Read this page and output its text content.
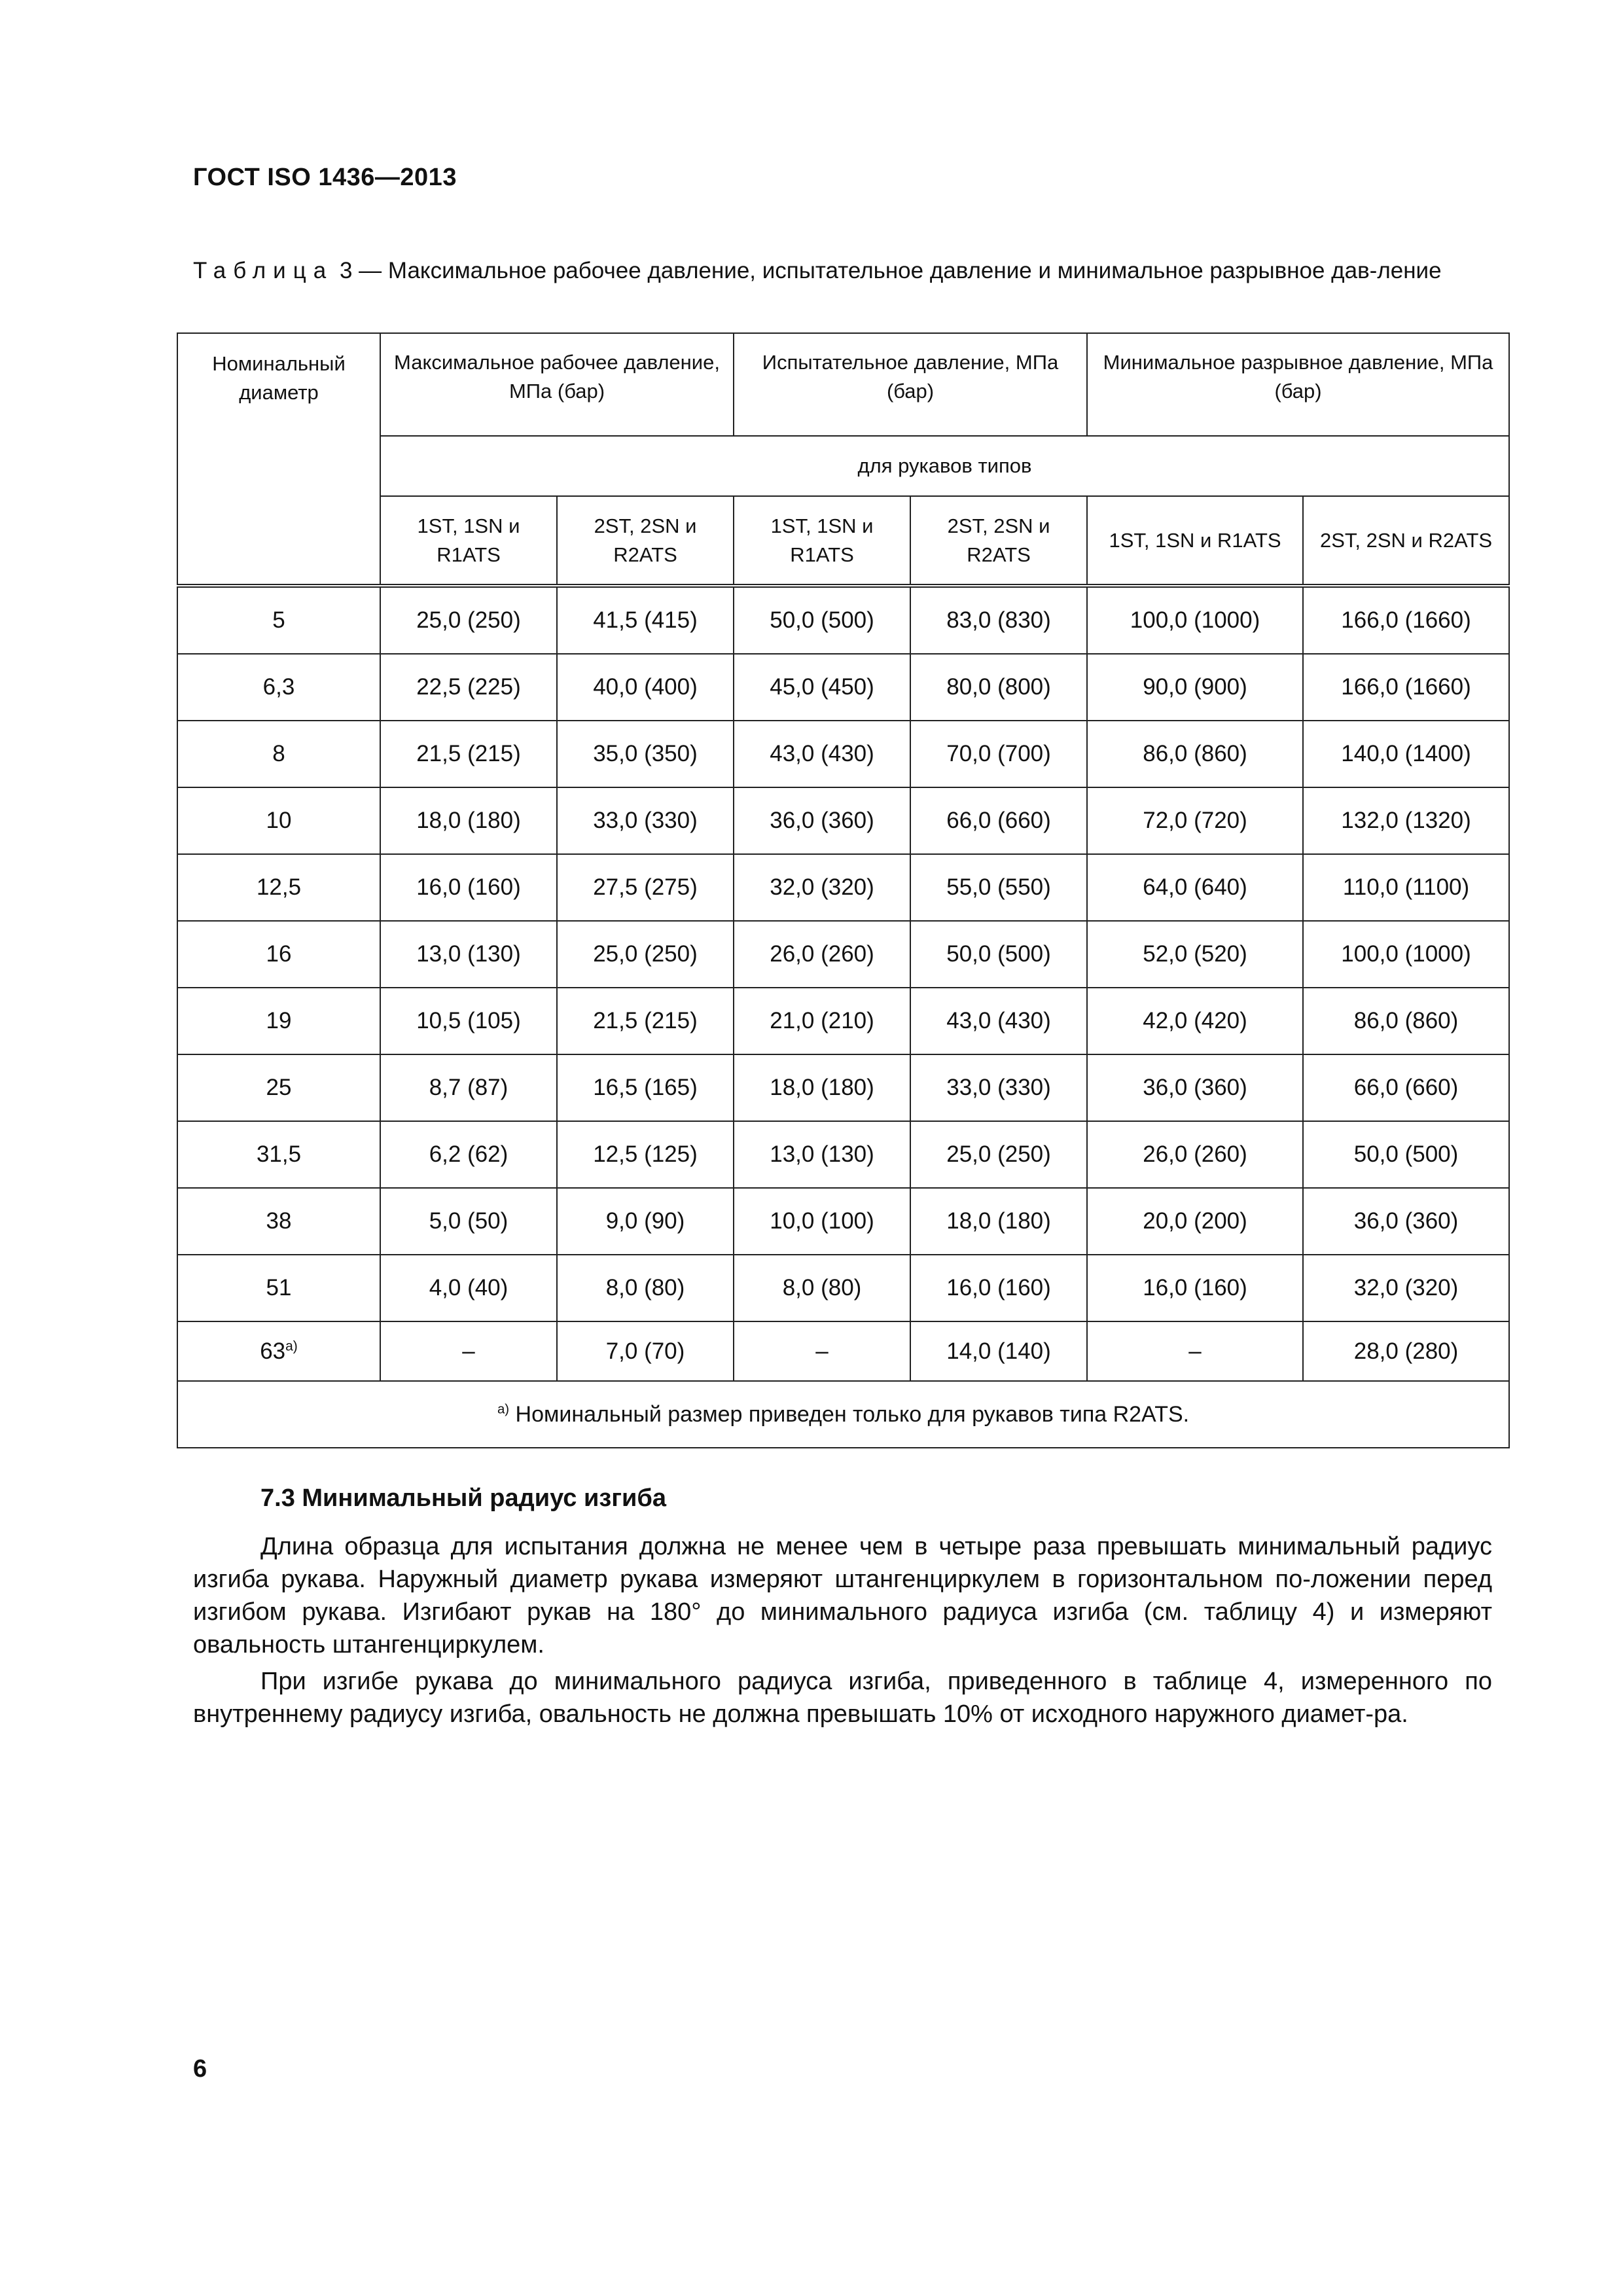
ГОСТ ISO 1436—2013
Таблица 3 — Максимальное рабочее давление, испытательное давление и минимальное разрывное дав-ление
Номинальный диаметр	Максимальное рабочее давление, МПа (бар)		Испытательное давление, МПа (бар)		Минимальное разрывное давление, МПа (бар)	
	для рукавов типов					
	1ST, 1SN и R1ATS	2ST, 2SN и R2ATS	1ST, 1SN и R1ATS	2ST, 2SN и R2ATS	1ST, 1SN и R1ATS	2ST, 2SN и R2ATS
5	25,0 (250)	41,5 (415)	50,0 (500)	83,0 (830)	100,0 (1000)	166,0 (1660)
6,3	22,5 (225)	40,0 (400)	45,0 (450)	80,0 (800)	90,0 (900)	166,0 (1660)
8	21,5 (215)	35,0 (350)	43,0 (430)	70,0 (700)	86,0 (860)	140,0 (1400)
10	18,0 (180)	33,0 (330)	36,0 (360)	66,0 (660)	72,0 (720)	132,0 (1320)
12,5	16,0 (160)	27,5 (275)	32,0 (320)	55,0 (550)	64,0 (640)	110,0 (1100)
16	13,0 (130)	25,0 (250)	26,0 (260)	50,0 (500)	52,0 (520)	100,0 (1000)
19	10,5 (105)	21,5 (215)	21,0 (210)	43,0 (430)	42,0 (420)	86,0 (860)
25	8,7 (87)	16,5 (165)	18,0 (180)	33,0 (330)	36,0 (360)	66,0 (660)
31,5	6,2 (62)	12,5 (125)	13,0 (130)	25,0 (250)	26,0 (260)	50,0 (500)
38	5,0 (50)	9,0 (90)	10,0 (100)	18,0 (180)	20,0 (200)	36,0 (360)
51	4,0 (40)	8,0 (80)	8,0 (80)	16,0 (160)	16,0 (160)	32,0 (320)
$63^{а)}$	–	7,0 (70)	–	14,0 (140)	–	28,0 (280)
$^{а)}$ Номинальный размер приведен только для рукавов типа R2ATS.						
7.3 Минимальный радиус изгиба
Длина образца для испытания должна не менее чем в четыре раза превышать минимальный радиус изгиба рукава. Наружный диаметр рукава измеряют штангенциркулем в горизонтальном по-ложении перед изгибом рукава. Изгибают рукав на 180° до минимального радиуса изгиба (см. таблицу 4) и измеряют овальность штангенциркулем.
При изгибе рукава до минимального радиуса изгиба, приведенного в таблице 4, измеренного по внутреннему радиусу изгиба, овальность не должна превышать 10% от исходного наружного диамет-ра.
6
